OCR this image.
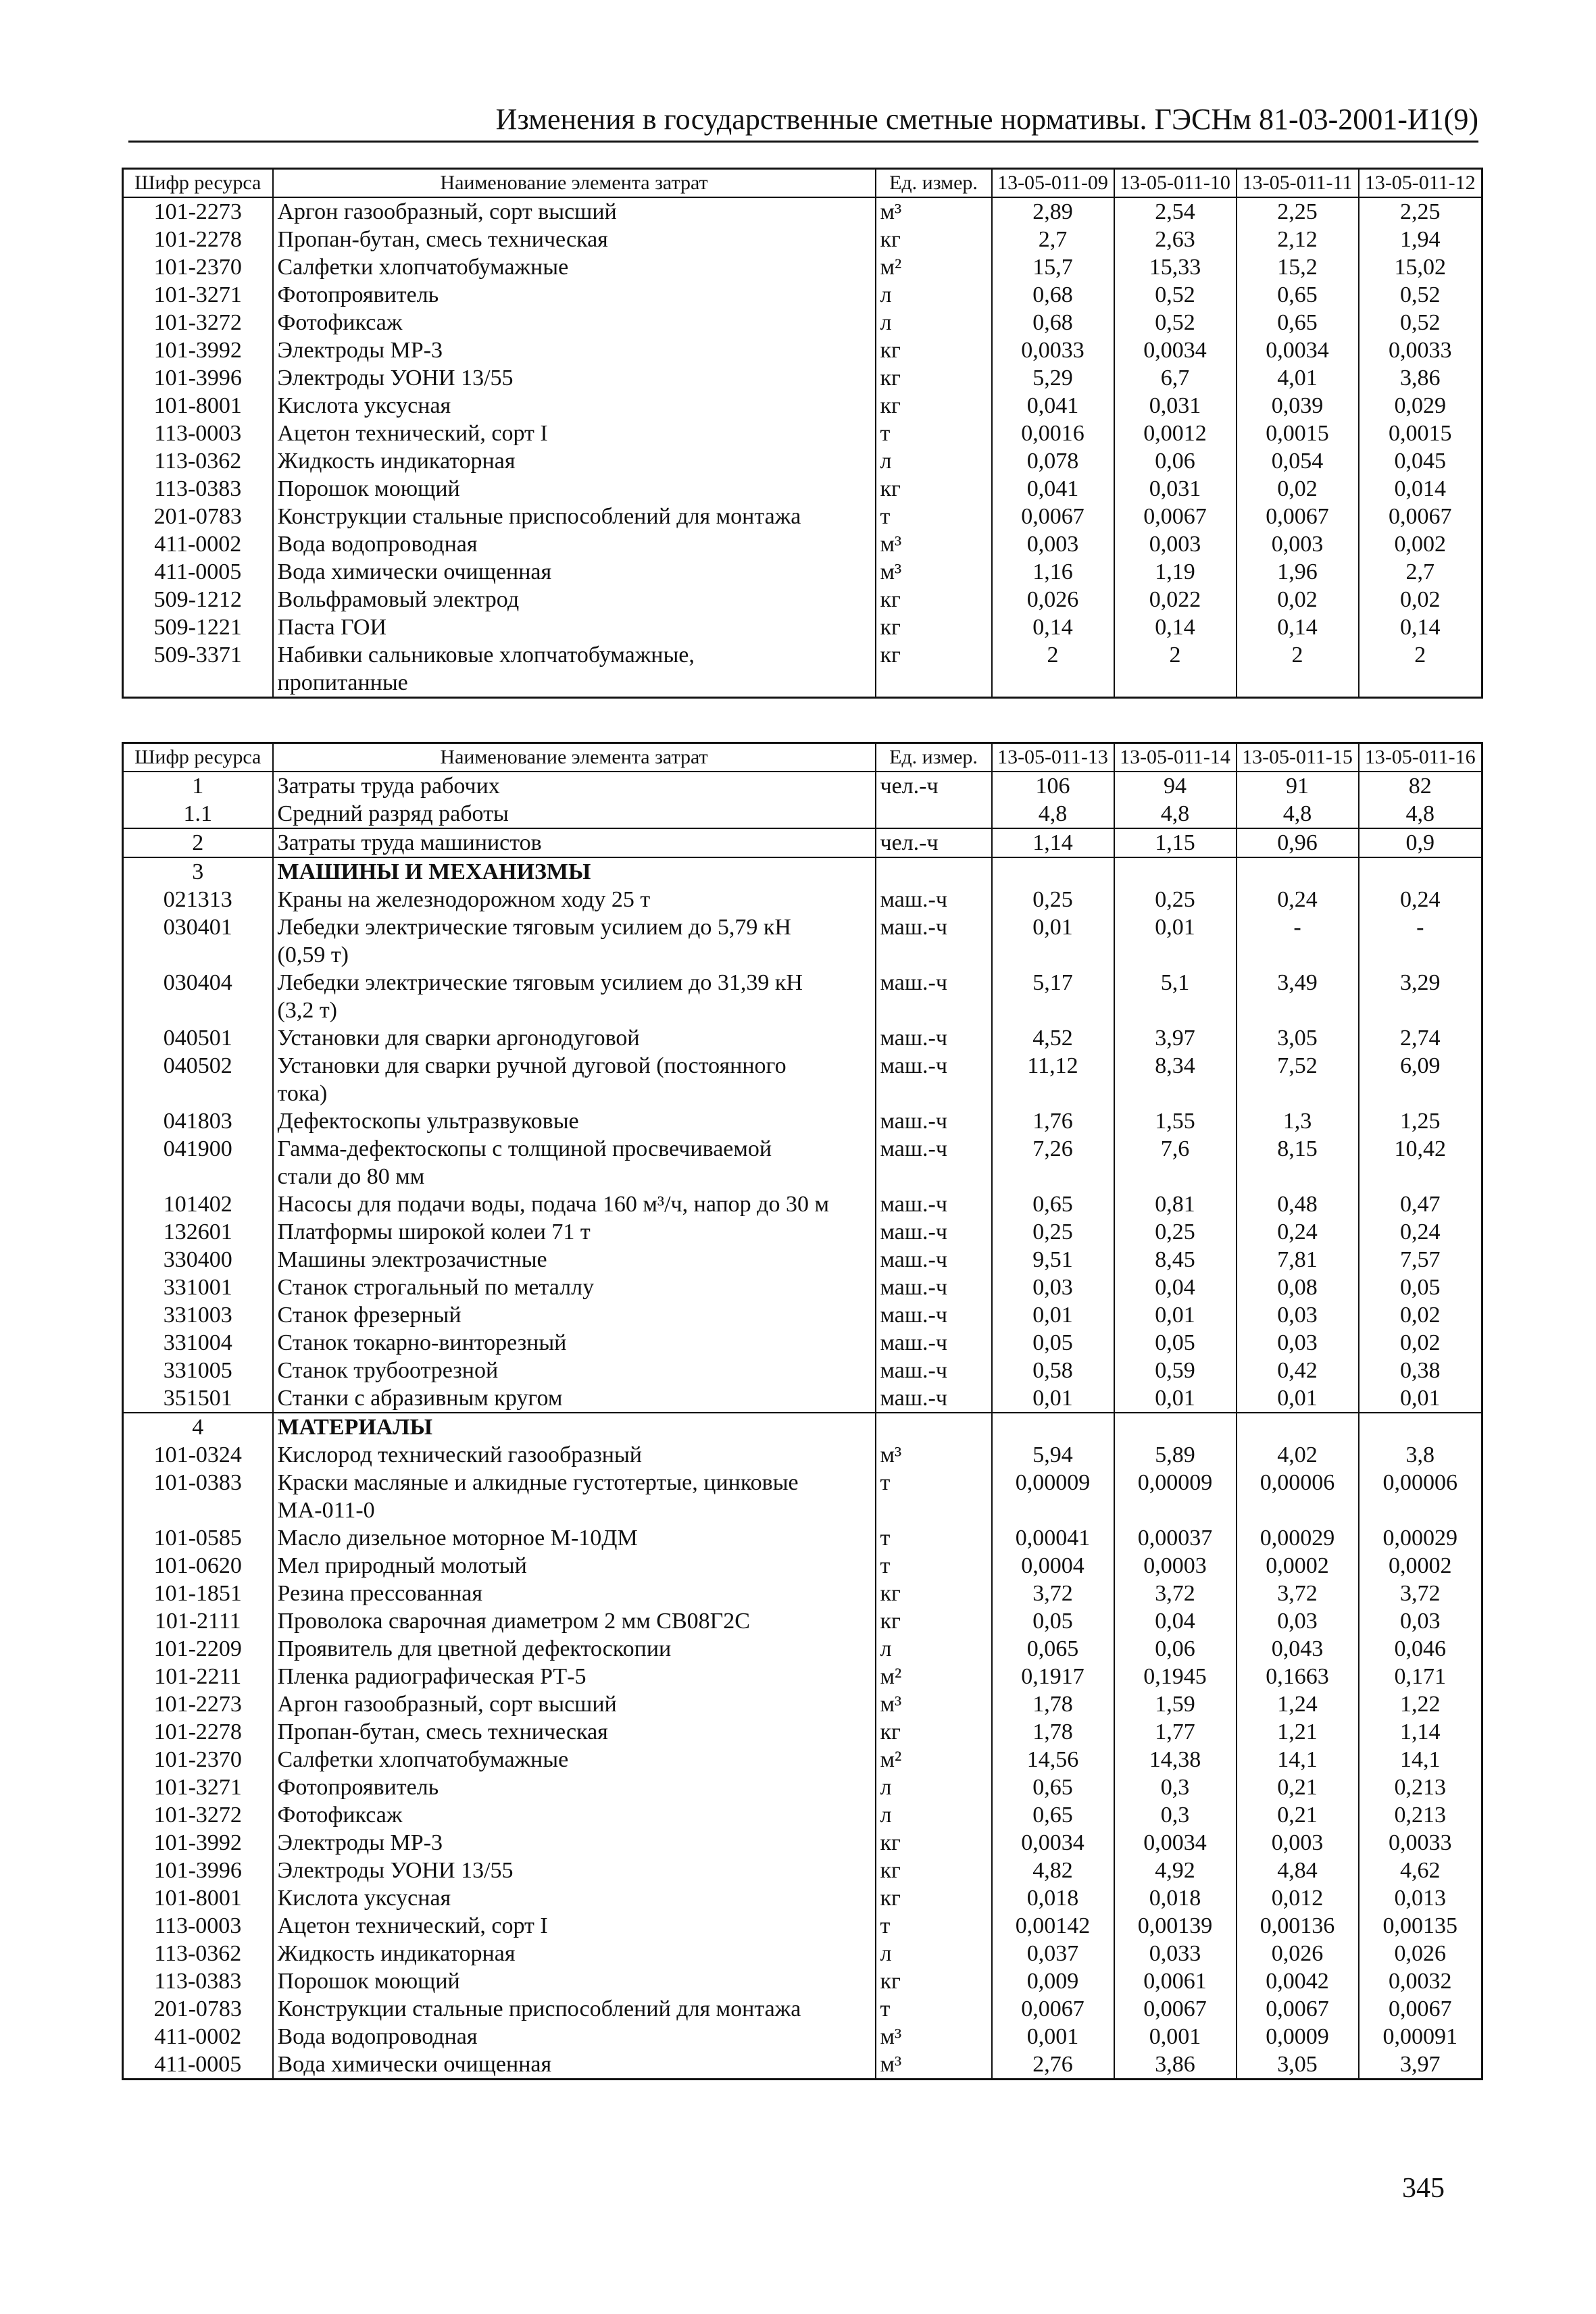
Изменения в государственные сметные нормативы. ГЭСНм 81-03-2001-И1(9)
Шифр ресурса	Наименование элемента затрат	Ед. измер.	13-05-011-09	13-05-011-10	13-05-011-11	13-05-011-12
101-2273	Аргон газообразный, сорт высший	м³	2,89	2,54	2,25	2,25
101-2278	Пропан-бутан, смесь техническая	кг	2,7	2,63	2,12	1,94
101-2370	Салфетки хлопчатобумажные	м²	15,7	15,33	15,2	15,02
101-3271	Фотопроявитель	л	0,68	0,52	0,65	0,52
101-3272	Фотофиксаж	л	0,68	0,52	0,65	0,52
101-3992	Электроды МР-3	кг	0,0033	0,0034	0,0034	0,0033
101-3996	Электроды УОНИ 13/55	кг	5,29	6,7	4,01	3,86
101-8001	Кислота уксусная	кг	0,041	0,031	0,039	0,029
113-0003	Ацетон технический, сорт I	т	0,0016	0,0012	0,0015	0,0015
113-0362	Жидкость индикаторная	л	0,078	0,06	0,054	0,045
113-0383	Порошок моющий	кг	0,041	0,031	0,02	0,014
201-0783	Конструкции стальные приспособлений для монтажа	т	0,0067	0,0067	0,0067	0,0067
411-0002	Вода водопроводная	м³	0,003	0,003	0,003	0,002
411-0005	Вода химически очищенная	м³	1,16	1,19	1,96	2,7
509-1212	Вольфрамовый электрод	кг	0,026	0,022	0,02	0,02
509-1221	Паста ГОИ	кг	0,14	0,14	0,14	0,14
509-3371	Набивки сальниковые хлопчатобумажные,	кг	2	2	2	2
	пропитанные					
Шифр ресурса	Наименование элемента затрат	Ед. измер.	13-05-011-13	13-05-011-14	13-05-011-15	13-05-011-16
1	Затраты труда рабочих	чел.-ч	106	94	91	82
1.1	Средний разряд работы		4,8	4,8	4,8	4,8
2	Затраты труда машинистов	чел.-ч	1,14	1,15	0,96	0,9
3	МАШИНЫ И МЕХАНИЗМЫ					
021313	Краны на железнодорожном ходу 25 т	маш.-ч	0,25	0,25	0,24	0,24
030401	Лебедки электрические тяговым усилием до 5,79 кН	маш.-ч	0,01	0,01	-	-
	(0,59 т)					
030404	Лебедки электрические тяговым усилием до 31,39 кН	маш.-ч	5,17	5,1	3,49	3,29
	(3,2 т)					
040501	Установки для сварки аргонодуговой	маш.-ч	4,52	3,97	3,05	2,74
040502	Установки для сварки ручной дуговой (постоянного	маш.-ч	11,12	8,34	7,52	6,09
	тока)					
041803	Дефектоскопы ультразвуковые	маш.-ч	1,76	1,55	1,3	1,25
041900	Гамма-дефектоскопы с толщиной просвечиваемой	маш.-ч	7,26	7,6	8,15	10,42
	стали до 80 мм					
101402	Насосы для подачи воды, подача 160 м³/ч, напор до 30 м	маш.-ч	0,65	0,81	0,48	0,47
132601	Платформы широкой колеи 71 т	маш.-ч	0,25	0,25	0,24	0,24
330400	Машины электрозачистные	маш.-ч	9,51	8,45	7,81	7,57
331001	Станок строгальный по металлу	маш.-ч	0,03	0,04	0,08	0,05
331003	Станок фрезерный	маш.-ч	0,01	0,01	0,03	0,02
331004	Станок токарно-винторезный	маш.-ч	0,05	0,05	0,03	0,02
331005	Станок трубоотрезной	маш.-ч	0,58	0,59	0,42	0,38
351501	Станки с абразивным кругом	маш.-ч	0,01	0,01	0,01	0,01
4	МАТЕРИАЛЫ					
101-0324	Кислород технический газообразный	м³	5,94	5,89	4,02	3,8
101-0383	Краски масляные и алкидные густотертые, цинковые	т	0,00009	0,00009	0,00006	0,00006
	МА-011-0					
101-0585	Масло дизельное моторное М-10ДМ	т	0,00041	0,00037	0,00029	0,00029
101-0620	Мел природный молотый	т	0,0004	0,0003	0,0002	0,0002
101-1851	Резина прессованная	кг	3,72	3,72	3,72	3,72
101-2111	Проволока сварочная диаметром 2 мм СВ08Г2С	кг	0,05	0,04	0,03	0,03
101-2209	Проявитель для цветной дефектоскопии	л	0,065	0,06	0,043	0,046
101-2211	Пленка радиографическая РТ-5	м²	0,1917	0,1945	0,1663	0,171
101-2273	Аргон газообразный, сорт высший	м³	1,78	1,59	1,24	1,22
101-2278	Пропан-бутан, смесь техническая	кг	1,78	1,77	1,21	1,14
101-2370	Салфетки хлопчатобумажные	м²	14,56	14,38	14,1	14,1
101-3271	Фотопроявитель	л	0,65	0,3	0,21	0,213
101-3272	Фотофиксаж	л	0,65	0,3	0,21	0,213
101-3992	Электроды МР-3	кг	0,0034	0,0034	0,003	0,0033
101-3996	Электроды УОНИ 13/55	кг	4,82	4,92	4,84	4,62
101-8001	Кислота уксусная	кг	0,018	0,018	0,012	0,013
113-0003	Ацетон технический, сорт I	т	0,00142	0,00139	0,00136	0,00135
113-0362	Жидкость индикаторная	л	0,037	0,033	0,026	0,026
113-0383	Порошок моющий	кг	0,009	0,0061	0,0042	0,0032
201-0783	Конструкции стальные приспособлений для монтажа	т	0,0067	0,0067	0,0067	0,0067
411-0002	Вода водопроводная	м³	0,001	0,001	0,0009	0,00091
411-0005	Вода химически очищенная	м³	2,76	3,86	3,05	3,97
345
